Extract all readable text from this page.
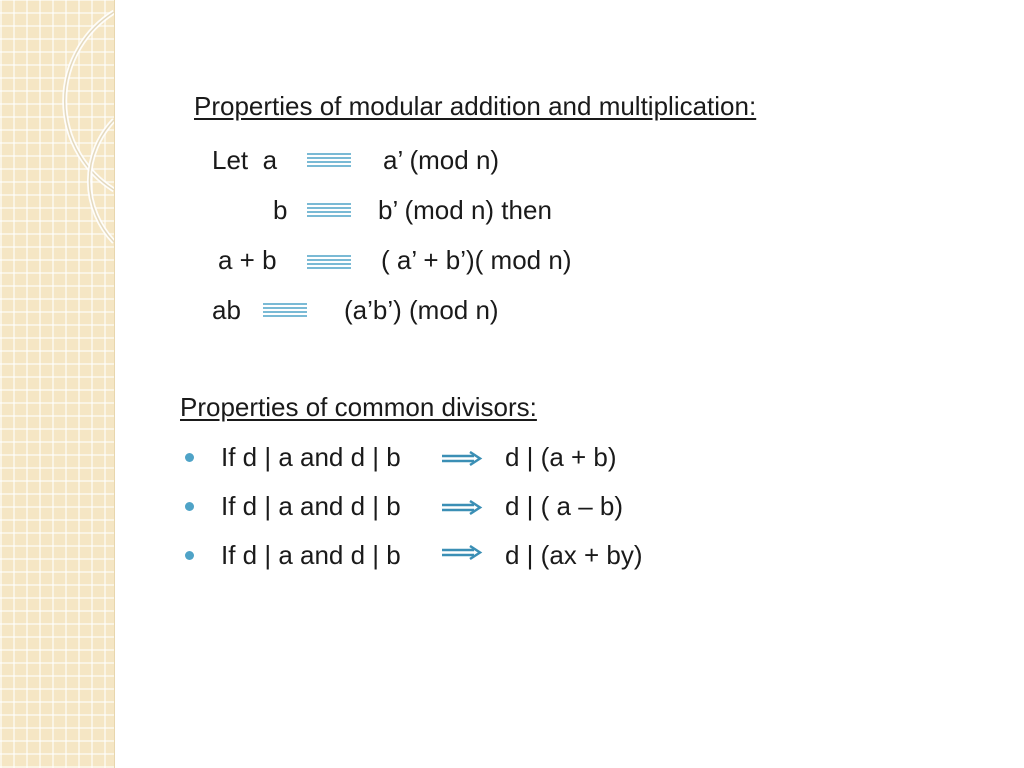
Properties of modular addition and multiplication:
Let  a	a’ (mod n)
b	b’ (mod n) then
a + b	( a’ + b’)( mod n)
ab	(a’b’) (mod n)
Properties of common divisors:
If d | a and d | b	d | (a + b)
If d | a and d | b	d | ( a – b)
If d | a and d | b	d | (ax + by)
